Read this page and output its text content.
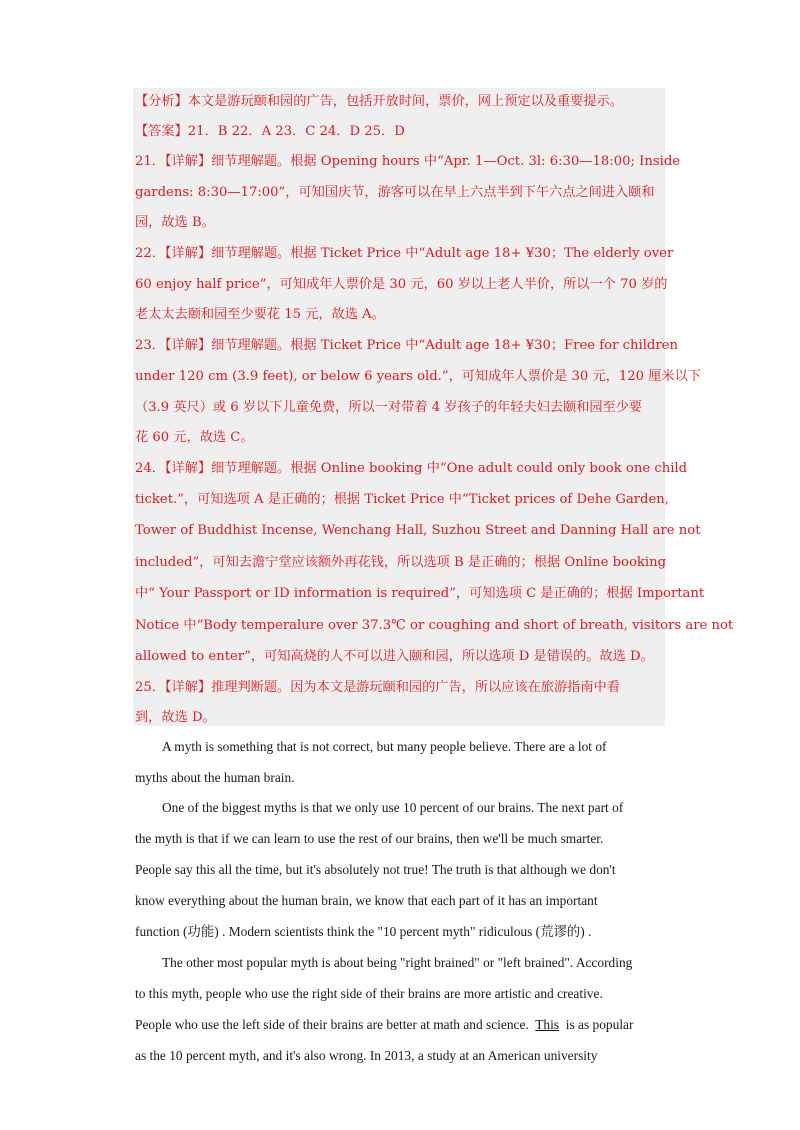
【分析】本文是游玩颐和园的广告，包括开放时间，票价，网上预定以及重要提示。
【答案】21．B 22．A 23．C 24．D 25．D
21．【详解】细节理解题。根据 Opening hours 中“Apr. 1—Oct. 3l: 6:30—18:00; Inside
gardens: 8:30—17:00”，可知国庆节，游客可以在早上六点半到下午六点之间进入颐和
园，故选 B。
22．【详解】细节理解题。根据 Ticket Price 中“Adult age 18+ ¥30；The elderly over
60 enjoy half price”，可知成年人票价是 30 元，60 岁以上老人半价，所以一个 70 岁的
老太太去颐和园至少要花 15 元，故选 A。
23．【详解】细节理解题。根据 Ticket Price 中“Adult age 18+ ¥30；Free for children
under 120 cm (3.9 feet), or below 6 years old.”，可知成年人票价是 30 元，120 厘米以下
（3.9 英尺）或 6 岁以下儿童免费，所以一对带着 4 岁孩子的年轻夫妇去颐和园至少要
花 60 元，故选 C。
24．【详解】细节理解题。根据 Online booking 中“One adult could only book one child
ticket.”，可知选项 A 是正确的；根据 Ticket Price 中“Ticket prices of Dehe Garden,
Tower of Buddhist Incense, Wenchang Hall, Suzhou Street and Danning Hall are not
included”，可知去澹宁堂应该额外再花钱，所以选项 B 是正确的；根据 Online booking
中“ Your Passport or ID information is required”，可知选项 C 是正确的；根据 Important
Notice 中“Body temperalure over 37.3℃ or coughing and short of breath, visitors are not
allowed to enter”，可知高烧的人不可以进入颐和园，所以选项 D 是错误的。故选 D。
25．【详解】推理判断题。因为本文是游玩颐和园的广告，所以应该在旅游指南中看
到，故选 D。
A myth is something that is not correct, but many people believe. There are a lot of
myths about the human brain.
One of the biggest myths is that we only use 10 percent of our brains. The next part of
the myth is that if we can learn to use the rest of our brains, then we'll be much smarter.
People say this all the time, but it's absolutely not true! The truth is that although we don't
know everything about the human brain, we know that each part of it has an important
function (功能) . Modern scientists think the "10 percent myth" ridiculous (荒谬的) .
The other most popular myth is about being "right brained" or "left brained". According
to this myth, people who use the right side of their brains are more artistic and creative.
People who use the left side of their brains are better at math and science. This is as popular
as the 10 percent myth, and it's also wrong. In 2013, a study at an American university
